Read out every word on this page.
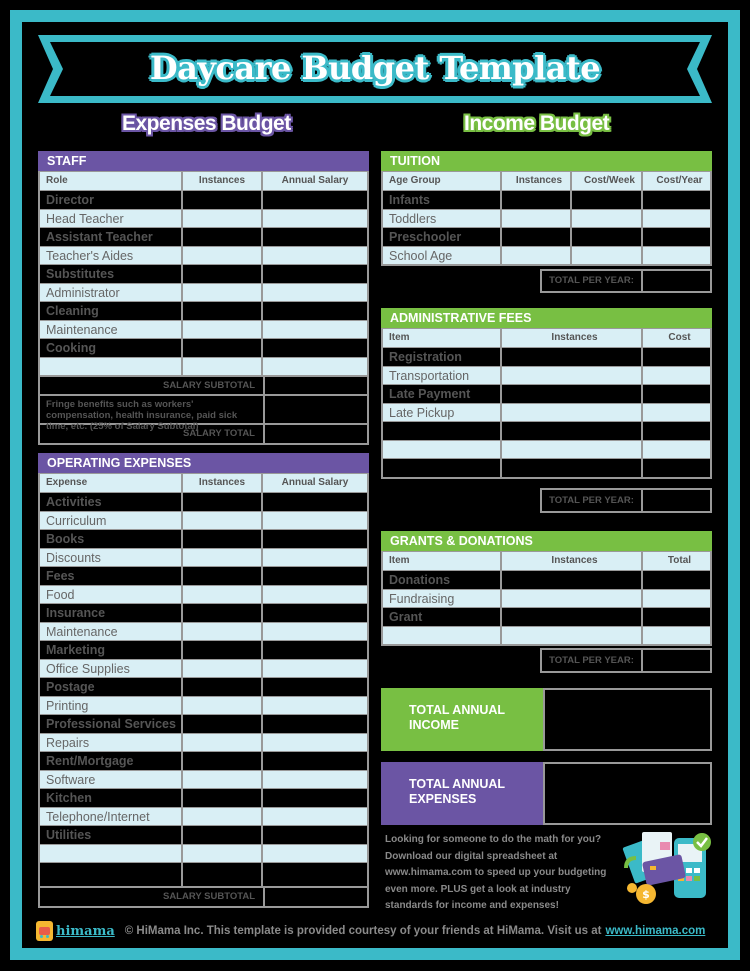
Daycare Budget Template
Expenses Budget	Income Budget
STAFF
Role	Instances	Annual Salary
Director
Head Teacher
Assistant Teacher
Teacher's Aides
Substitutes
Administrator
Cleaning
Maintenance
Cooking
SALARY SUBTOTAL
Fringe benefits such as workers' compensation, health insurance, paid sick time, etc. (25% of Salary Subtotal)
SALARY TOTAL
OPERATING EXPENSES
Expense	Instances	Annual Salary
Activities
Curriculum
Books
Discounts
Fees
Food
Insurance
Maintenance
Marketing
Office Supplies
Postage
Printing
Professional Services
Repairs
Rent/Mortgage
Software
Kitchen
Telephone/Internet
Utilities
SALARY SUBTOTAL
TUITION
Age Group	Instances	Cost/Week	Cost/Year
Infants
Toddlers
Preschooler
School Age
TOTAL PER YEAR:
ADMINISTRATIVE FEES
Item	Instances	Cost
Registration
Transportation
Late Payment
Late Pickup
TOTAL PER YEAR:
GRANTS & DONATIONS
Item	Instances	Total
Donations
Fundraising
Grant
TOTAL PER YEAR:
TOTAL ANNUAL
INCOME
TOTAL ANNUAL
EXPENSES
Looking for someone to do the math for you? Download our digital spreadsheet at www.himama.com to speed up your budgeting even more. PLUS get a look at industry standards for income and expenses!
$
himama © HiMama Inc. This template is provided courtesy of your friends at HiMama. Visit us at www.himama.com
